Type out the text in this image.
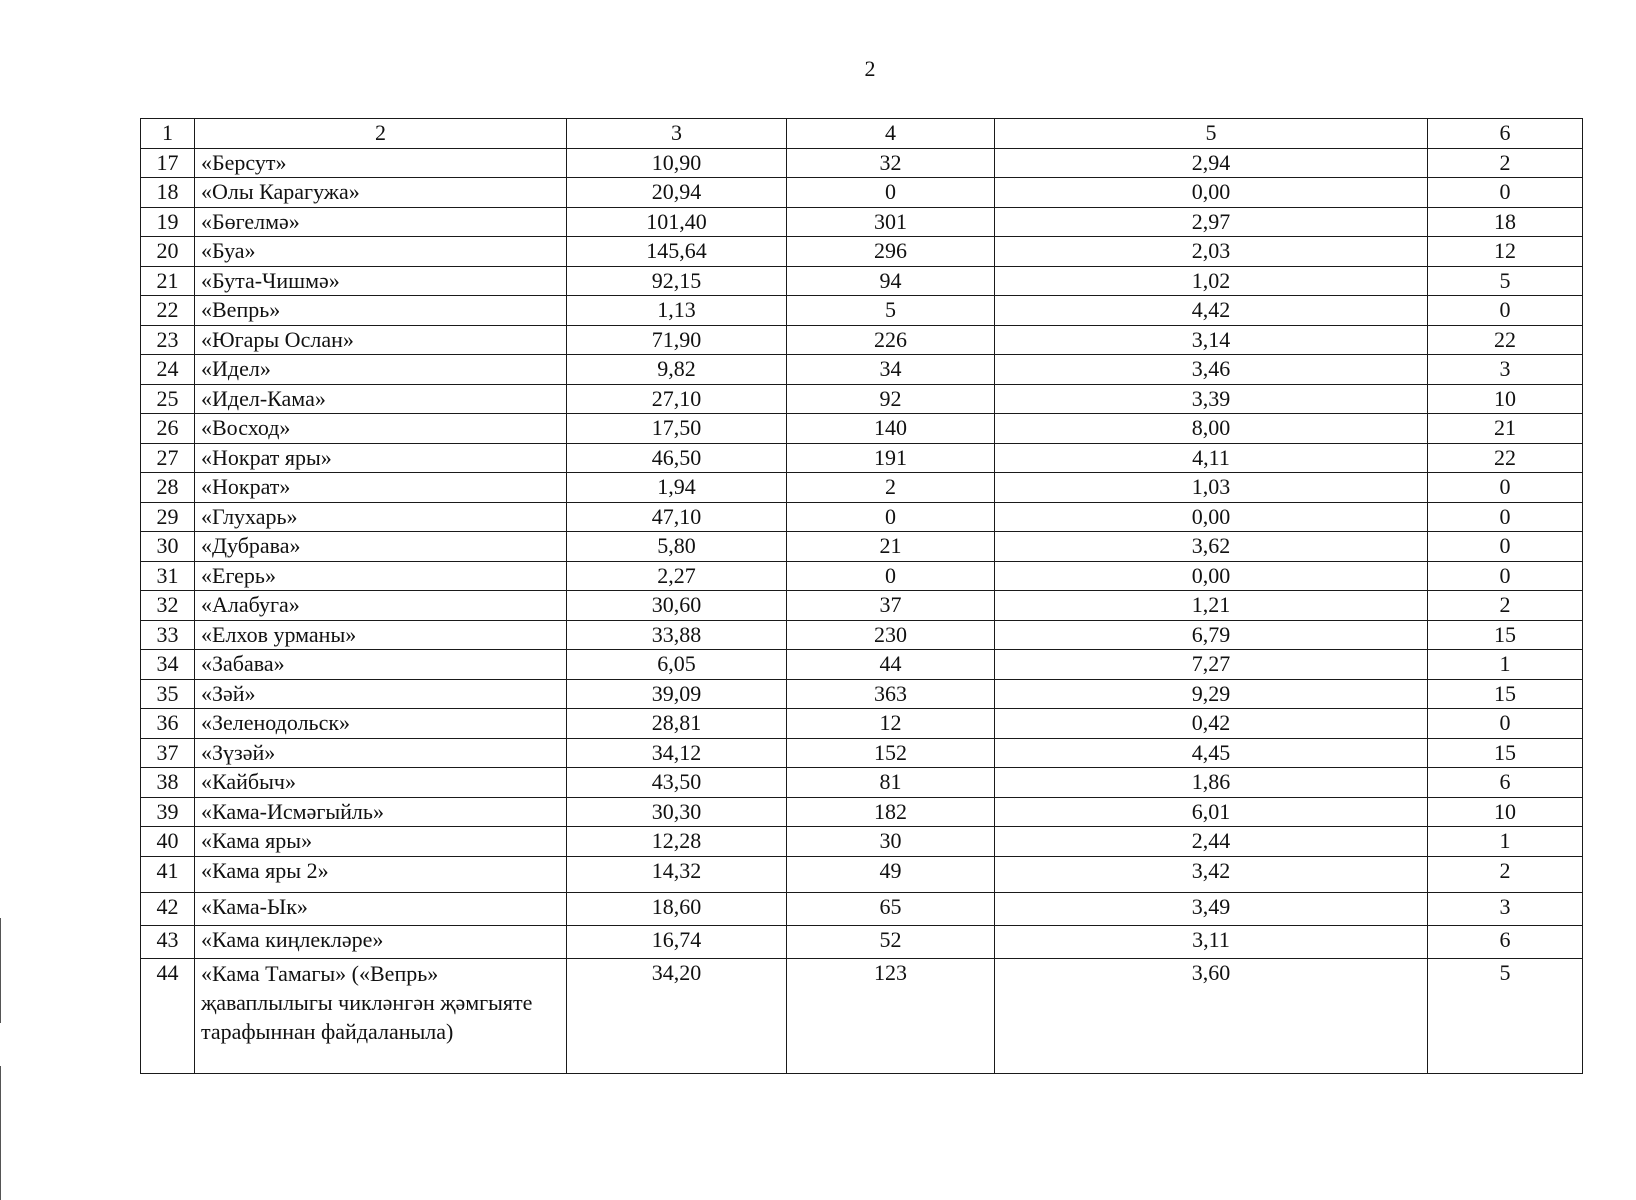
2
1	2	3	4	5	6
17	«Берсут»	10,90	32	2,94	2
18	«Олы Карагужа»	20,94	0	0,00	0
19	«Бөгелмә»	101,40	301	2,97	18
20	«Буа»	145,64	296	2,03	12
21	«Бута-Чишмә»	92,15	94	1,02	5
22	«Вепрь»	1,13	5	4,42	0
23	«Югары Ослан»	71,90	226	3,14	22
24	«Идел»	9,82	34	3,46	3
25	«Идел-Кама»	27,10	92	3,39	10
26	«Восход»	17,50	140	8,00	21
27	«Нократ яры»	46,50	191	4,11	22
28	«Нократ»	1,94	2	1,03	0
29	«Глухарь»	47,10	0	0,00	0
30	«Дубрава»	5,80	21	3,62	0
31	«Егерь»	2,27	0	0,00	0
32	«Алабуга»	30,60	37	1,21	2
33	«Елхов урманы»	33,88	230	6,79	15
34	«Забава»	6,05	44	7,27	1
35	«Зәй»	39,09	363	9,29	15
36	«Зеленодольск»	28,81	12	0,42	0
37	«Зүзәй»	34,12	152	4,45	15
38	«Кайбыч»	43,50	81	1,86	6
39	«Кама-Исмәгыйль»	30,30	182	6,01	10
40	«Кама яры»	12,28	30	2,44	1
41	«Кама яры 2»	14,32	49	3,42	2
42	«Кама-Ык»	18,60	65	3,49	3
43	«Кама киңлекләре»	16,74	52	3,11	6
44	«Кама Тамагы» («Вепрь» җаваплылыгы чикләнгән җәмгыяте тарафыннан файдаланыла)	34,20	123	3,60	5
